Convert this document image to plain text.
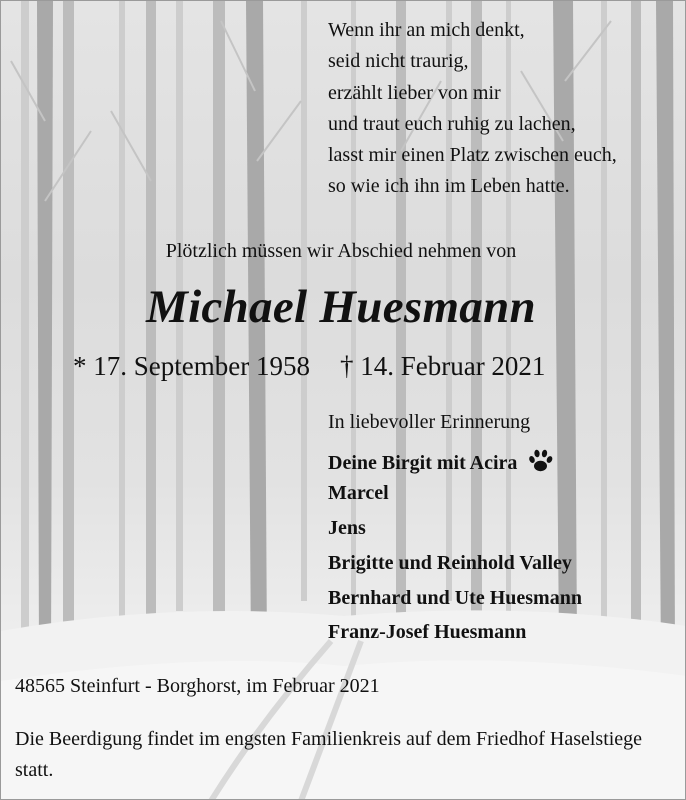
Wenn ihr an mich denkt,
seid nicht traurig,
erzählt lieber von mir
und traut euch ruhig zu lachen,
lasst mir einen Platz zwischen euch,
so wie ich ihn im Leben hatte.
Plötzlich müssen wir Abschied nehmen von
Michael Huesmann
* 17. September 1958 † 14. Februar 2021
In liebevoller Erinnerung
Deine Birgit mit Acira
Marcel
Jens
Brigitte und Reinhold Valley
Bernhard und Ute Huesmann
Franz-Josef Huesmann
48565 Steinfurt - Borghorst, im Februar 2021
Die Beerdigung findet im engsten Familienkreis auf dem Friedhof Haselstiege statt.
